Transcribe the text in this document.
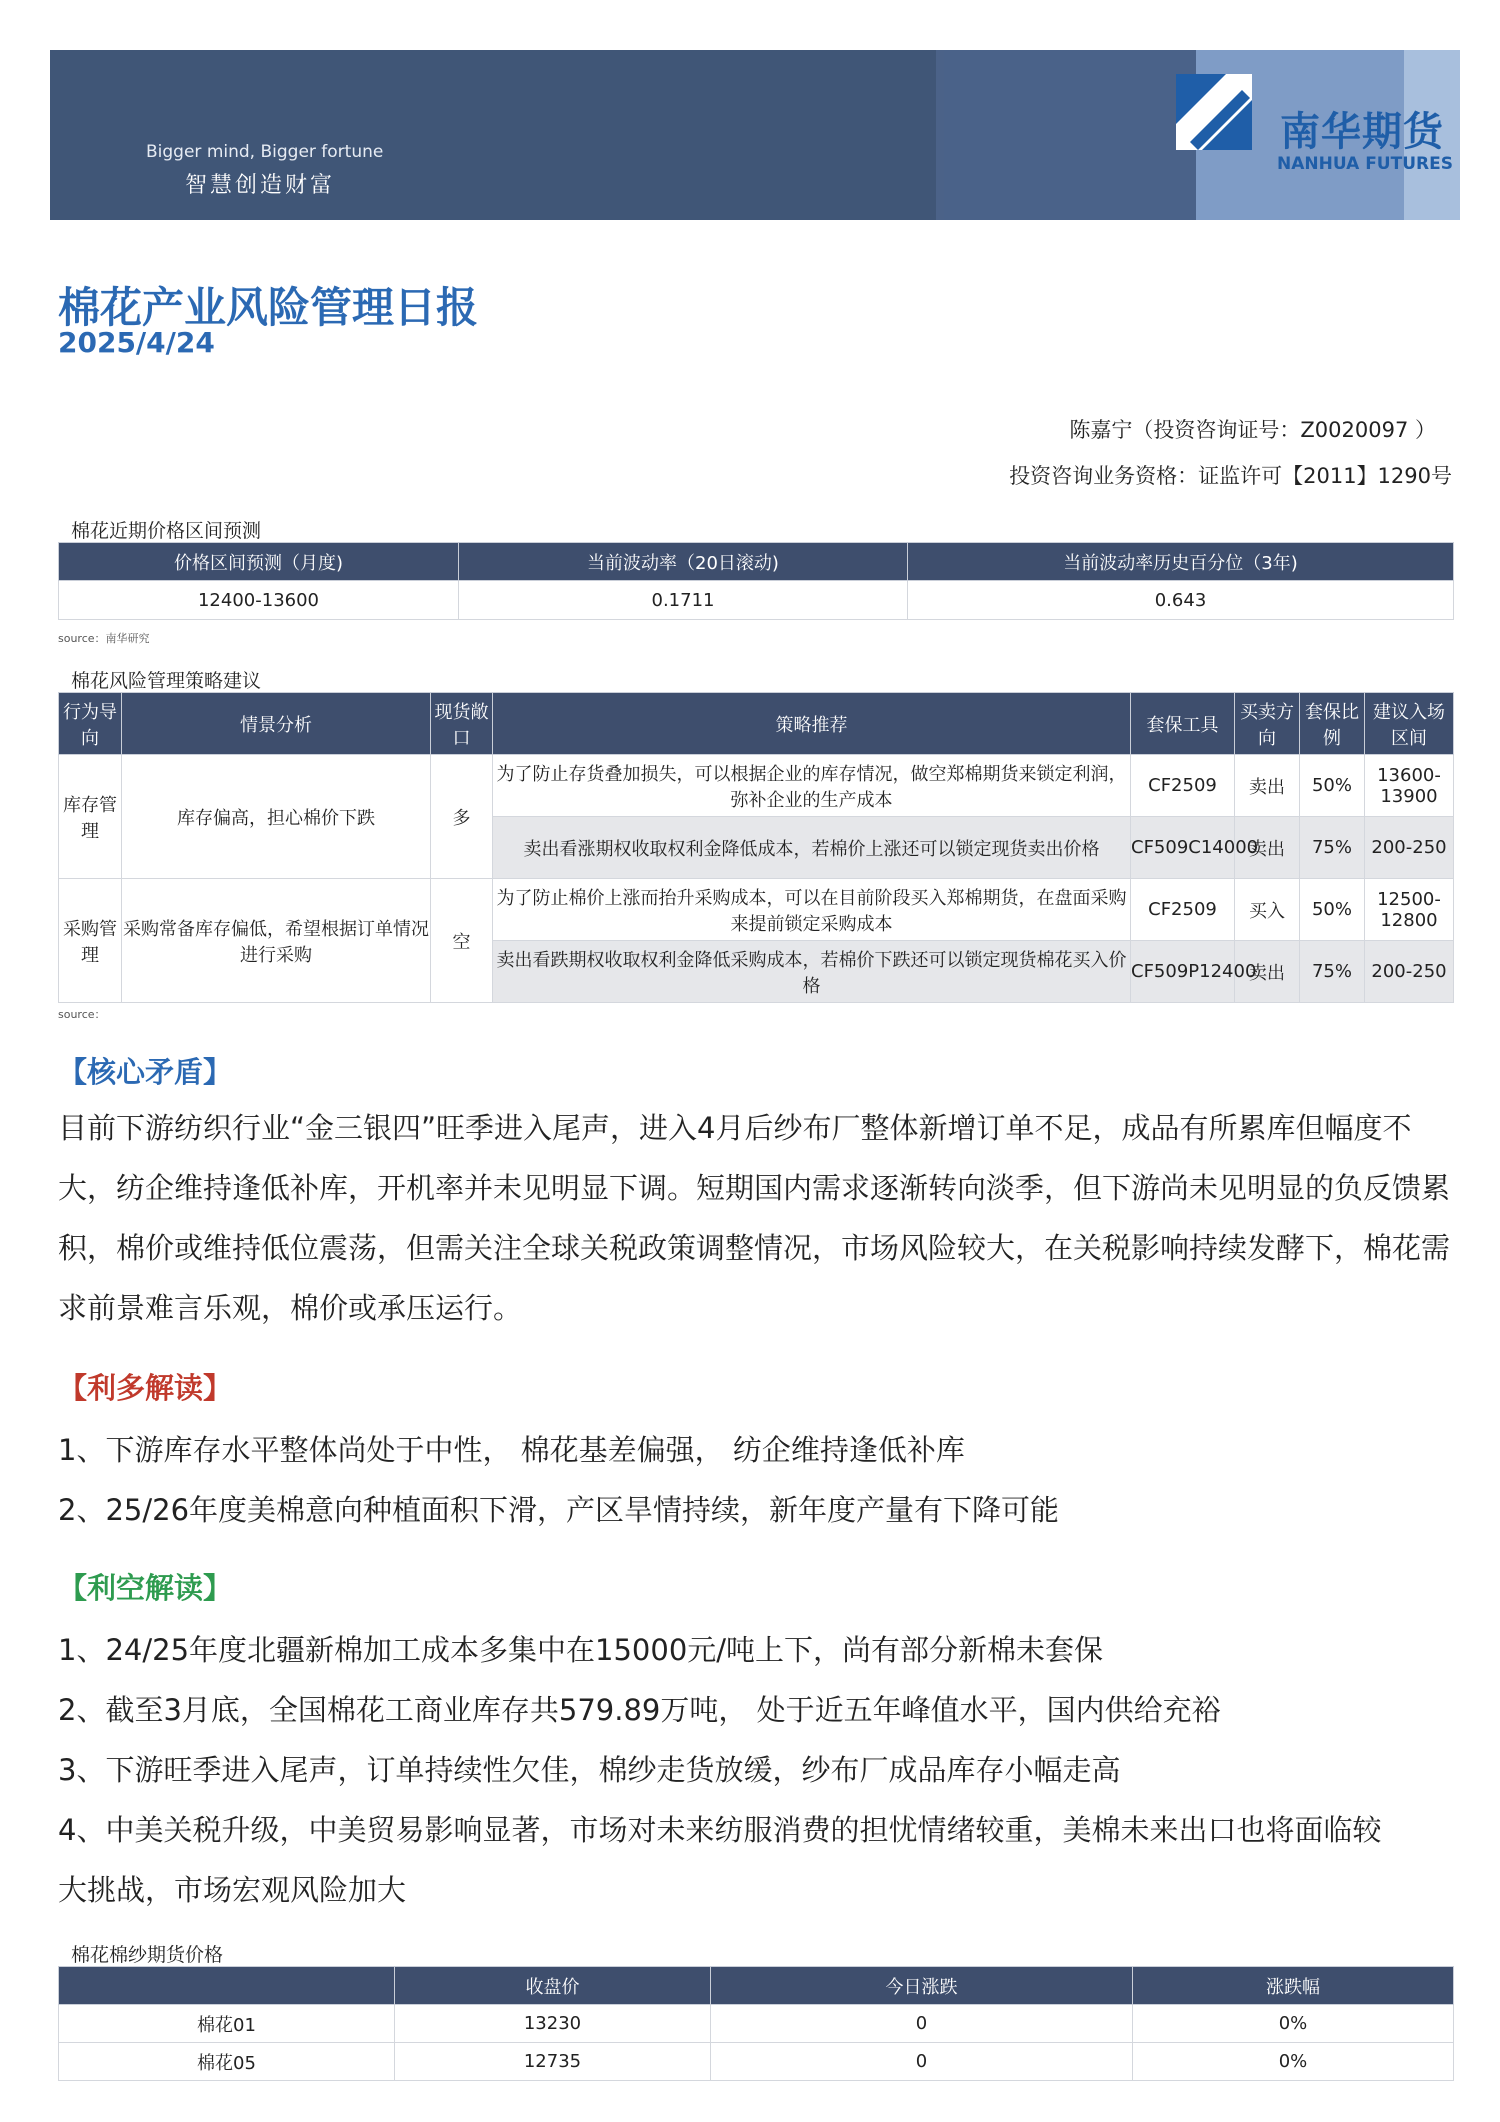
Bigger mind, Bigger fortune
智慧创造财富
南华期货
NANHUA FUTURES
棉花产业风险管理日报
2025/4/24
陈嘉宁（投资咨询证号：Z0020097 ）
投资咨询业务资格：证监许可【2011】1290号
棉花近期价格区间预测
价格区间预测（月度)	当前波动率（20日滚动)	当前波动率历史百分位（3年)
12400-13600	0.1711	0.643
source：南华研究
棉花风险管理策略建议
行为导向	情景分析	现货敞口	策略推荐	套保工具	买卖方向	套保比例	建议入场区间
库存管理	库存偏高，担心棉价下跌	多	为了防止存货叠加损失，可以根据企业的库存情况，做空郑棉期货来锁定利润，弥补企业的生产成本	CF2509	卖出	50%	13600-13900
			卖出看涨期权收取权利金降低成本，若棉价上涨还可以锁定现货卖出价格	CF509C14000	卖出	75%	200-250
采购管理	采购常备库存偏低，希望根据订单情况进行采购	空	为了防止棉价上涨而抬升采购成本，可以在目前阶段买入郑棉期货，在盘面采购来提前锁定采购成本	CF2509	买入	50%	12500-12800
			卖出看跌期权收取权利金降低采购成本，若棉价下跌还可以锁定现货棉花买入价格	CF509P12400	卖出	75%	200-250
source：
【核心矛盾】
目前下游纺织行业“金三银四”旺季进入尾声，进入4月后纱布厂整体新增订单不足，成品有所累库但幅度不大，纺企维持逢低补库，开机率并未见明显下调。短期国内需求逐渐转向淡季，但下游尚未见明显的负反馈累积，棉价或维持低位震荡，但需关注全球关税政策调整情况，市场风险较大，在关税影响持续发酵下，棉花需求前景难言乐观，棉价或承压运行。
【利多解读】
1、下游库存水平整体尚处于中性， 棉花基差偏强， 纺企维持逢低补库
2、25/26年度美棉意向种植面积下滑，产区旱情持续，新年度产量有下降可能
【利空解读】
1、24/25年度北疆新棉加工成本多集中在15000元/吨上下，尚有部分新棉未套保
2、截至3月底，全国棉花工商业库存共579.89万吨， 处于近五年峰值水平，国内供给充裕
3、下游旺季进入尾声，订单持续性欠佳，棉纱走货放缓，纱布厂成品库存小幅走高
4、中美关税升级，中美贸易影响显著，市场对未来纺服消费的担忧情绪较重，美棉未来出口也将面临较
大挑战，市场宏观风险加大
棉花棉纱期货价格
	收盘价	今日涨跌	涨跌幅
棉花01	13230	0	0%
棉花05	12735	0	0%
